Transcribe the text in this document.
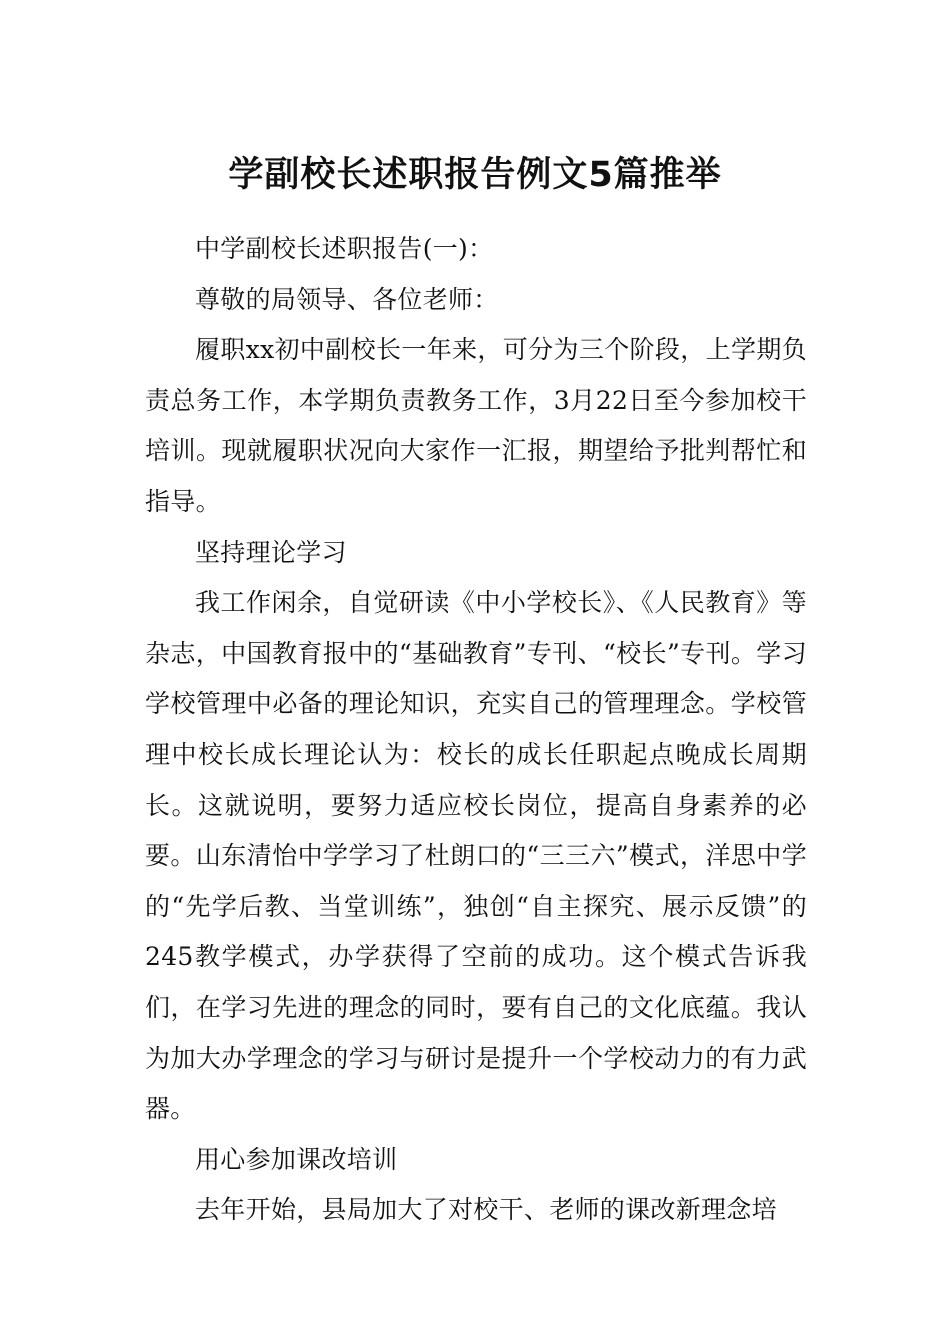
学副校长述职报告例文5篇推举

中学副校长述职报告(一)：

尊敬的局领导、各位老师：

履职xx初中副校长一年来，可分为三个阶段，上学期负责总务工作，本学期负责教务工作，3月22日至今参加校干培训。现就履职状况向大家作一汇报，期望给予批判帮忙和指导。

坚持理论学习

我工作闲余，自觉研读《中小学校长》、《人民教育》等杂志，中国教育报中的“基础教育”专刊、“校长”专刊。学习学校管理中必备的理论知识，充实自己的管理理念。学校管理中校长成长理论认为：校长的成长任职起点晚成长周期长。这就说明，要努力适应校长岗位，提高自身素养的必要。山东清怡中学学习了杜朗口的“三三六”模式，洋思中学的“先学后教、当堂训练”，独创“自主探究、展示反馈”的245教学模式，办学获得了空前的成功。这个模式告诉我们，在学习先进的理念的同时，要有自己的文化底蕴。我认为加大办学理念的学习与研讨是提升一个学校动力的有力武器。

用心参加课改培训

去年开始，县局加大了对校干、老师的课改新理念培
